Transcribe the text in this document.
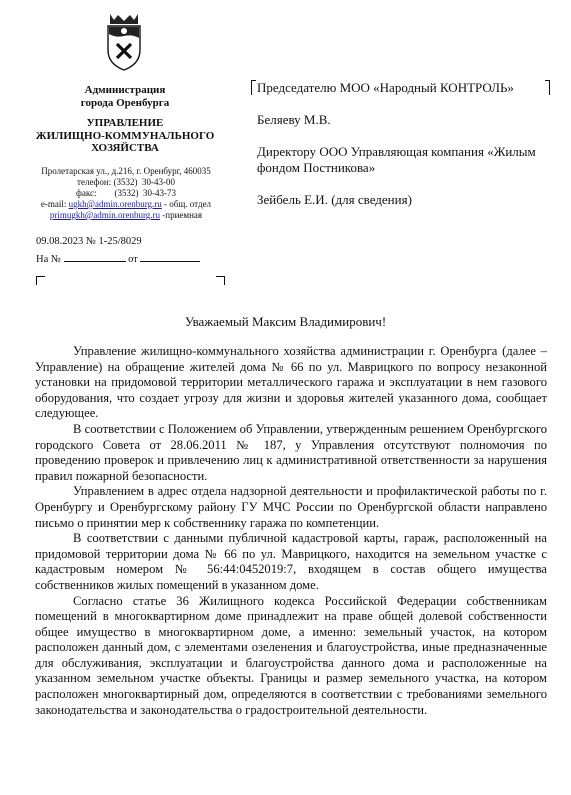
Администрация
города Оренбурга
УПРАВЛЕНИЕ
ЖИЛИЩНО-КОММУНАЛЬНОГО
ХОЗЯЙСТВА
Пролетарская ул., д.216, г. Оренбург, 460035
телефон: (3532)  30-43-00
факс:        (3532)  30-43-73
e-mail: ugkh@admin.orenburg.ru - общ. отдел
primugkh@admin.orenburg.ru -приемная
09.08.2023 № 1-25/8029
На №	от

Председателю МОО «Народный КОНТРОЛЬ»

Беляеву М.В.

Директору ООО Управляющая компания «Жилым фондом Постникова»

Зейбель Е.И. (для сведения)

Уважаемый Максим Владимирович!

Управление жилищно-коммунального хозяйства администрации г. Оренбурга (далее – Управление) на обращение жителей дома № 66 по ул. Маврицкого по вопросу незаконной установки на придомовой территории металлического гаража и эксплуатации в нем газового оборудования, что создает угрозу для жизни и здоровья жителей указанного дома, сообщает следующее.

В соответствии с Положением об Управлении, утвержденным решением Оренбургского городского Совета от 28.06.2011 № 187, у Управления отсутствуют полномочия по проведению проверок и привлечению лиц к административной ответственности за нарушения правил пожарной безопасности.

Управлением в адрес отдела надзорной деятельности и профилактической работы по г. Оренбургу и Оренбургскому району ГУ МЧС России по Оренбургской области направлено письмо о принятии мер к собственнику гаража по компетенции.

В соответствии с данными публичной кадастровой карты, гараж, расположенный на придомовой территории дома № 66 по ул. Маврицкого, находится на земельном участке с кадастровым номером № 56:44:0452019:7, входящем в состав общего имущества собственников жилых помещений в указанном доме.

Согласно статье 36 Жилищного кодекса Российской Федерации собственникам помещений в многоквартирном доме принадлежит на праве общей долевой собственности общее имущество в многоквартирном доме, а именно: земельный участок, на котором расположен данный дом, с элементами озеленения и благоустройства, иные предназначенные для обслуживания, эксплуатации и благоустройства данного дома и расположенные на указанном земельном участке объекты. Границы и размер земельного участка, на котором расположен многоквартирный дом, определяются в соответствии с требованиями земельного законодательства и законодательства о градостроительной деятельности.
